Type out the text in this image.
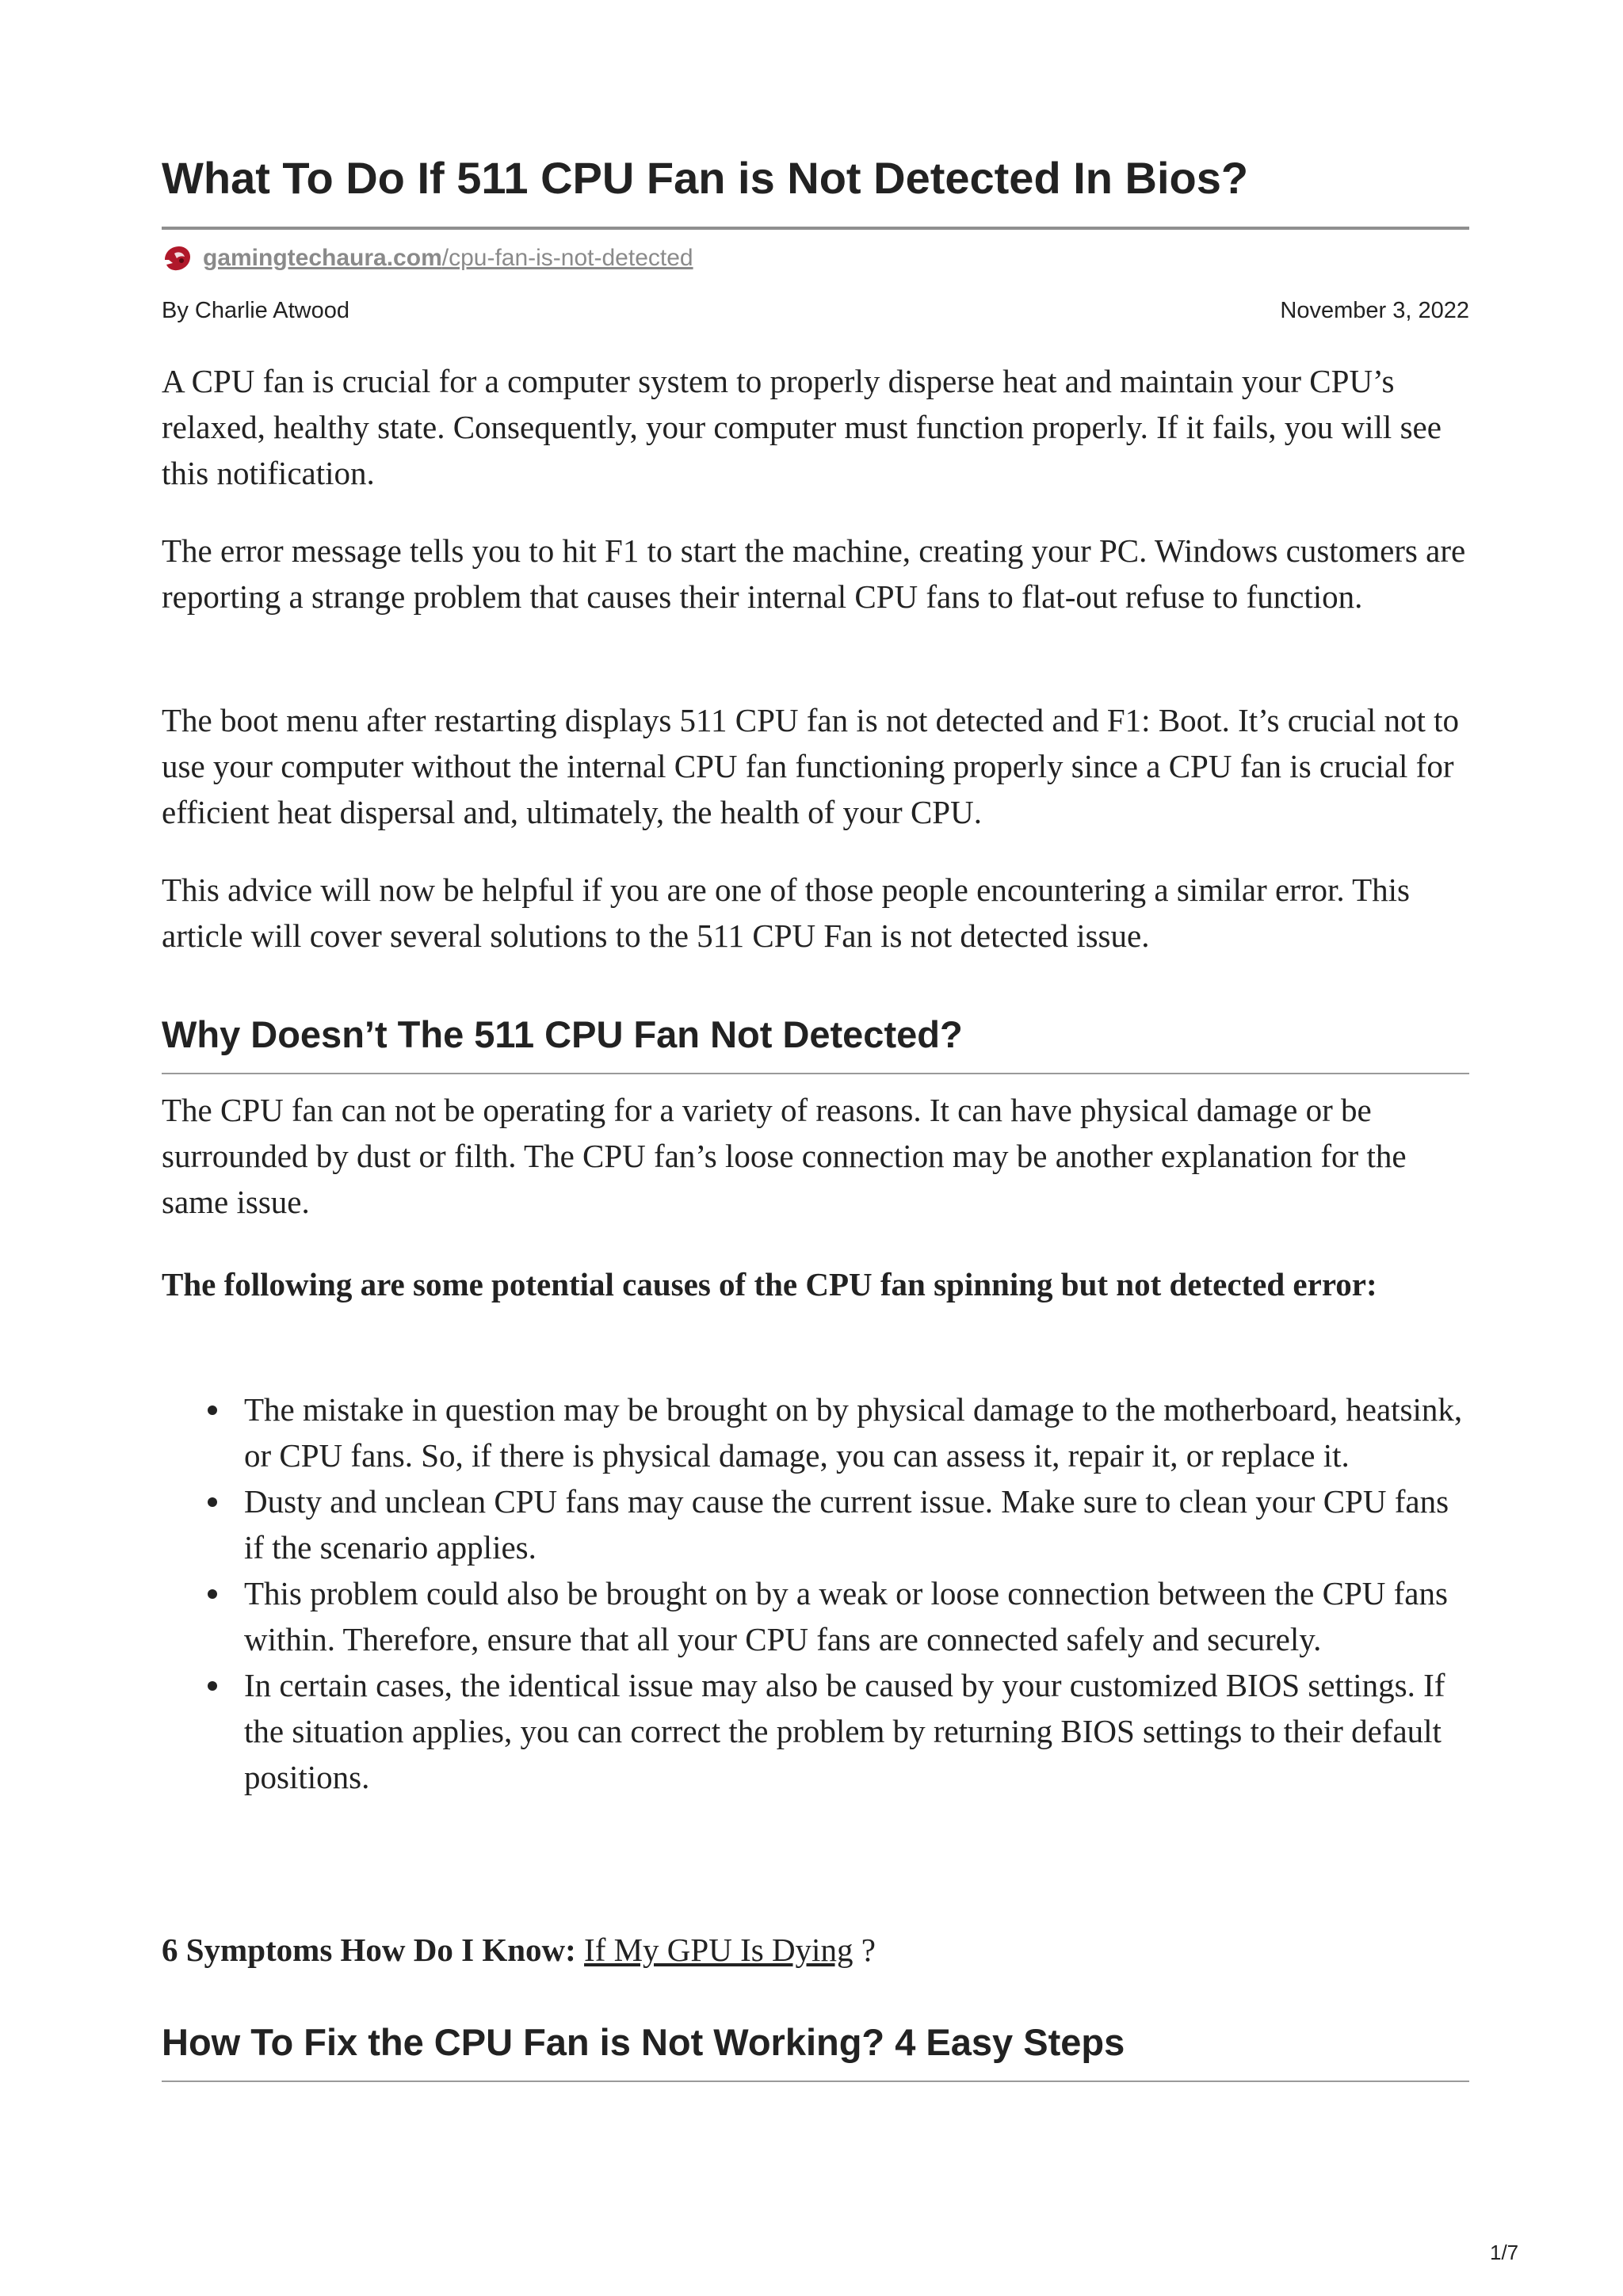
What To Do If 511 CPU Fan is Not Detected In Bios?
gamingtechaura.com/cpu-fan-is-not-detected
By Charlie Atwood	November 3, 2022

A CPU fan is crucial for a computer system to properly disperse heat and maintain your CPU’s relaxed, healthy state. Consequently, your computer must function properly. If it fails, you will see this notification.

The error message tells you to hit F1 to start the machine, creating your PC. Windows customers are reporting a strange problem that causes their internal CPU fans to flat-out refuse to function.

The boot menu after restarting displays 511 CPU fan is not detected and F1: Boot. It’s crucial not to use your computer without the internal CPU fan functioning properly since a CPU fan is crucial for efficient heat dispersal and, ultimately, the health of your CPU.

This advice will now be helpful if you are one of those people encountering a similar error. This article will cover several solutions to the 511 CPU Fan is not detected issue.

Why Doesn’t The 511 CPU Fan Not Detected?

The CPU fan can not be operating for a variety of reasons. It can have physical damage or be surrounded by dust or filth. The CPU fan’s loose connection may be another explanation for the same issue.

The following are some potential causes of the CPU fan spinning but not detected error:

The mistake in question may be brought on by physical damage to the motherboard, heatsink, or CPU fans. So, if there is physical damage, you can assess it, repair it, or replace it.
Dusty and unclean CPU fans may cause the current issue. Make sure to clean your CPU fans if the scenario applies.
This problem could also be brought on by a weak or loose connection between the CPU fans within. Therefore, ensure that all your CPU fans are connected safely and securely.
In certain cases, the identical issue may also be caused by your customized BIOS settings. If the situation applies, you can correct the problem by returning BIOS settings to their default positions.

6 Symptoms How Do I Know: If My GPU Is Dying ?

How To Fix the CPU Fan is Not Working? 4 Easy Steps
1/7
